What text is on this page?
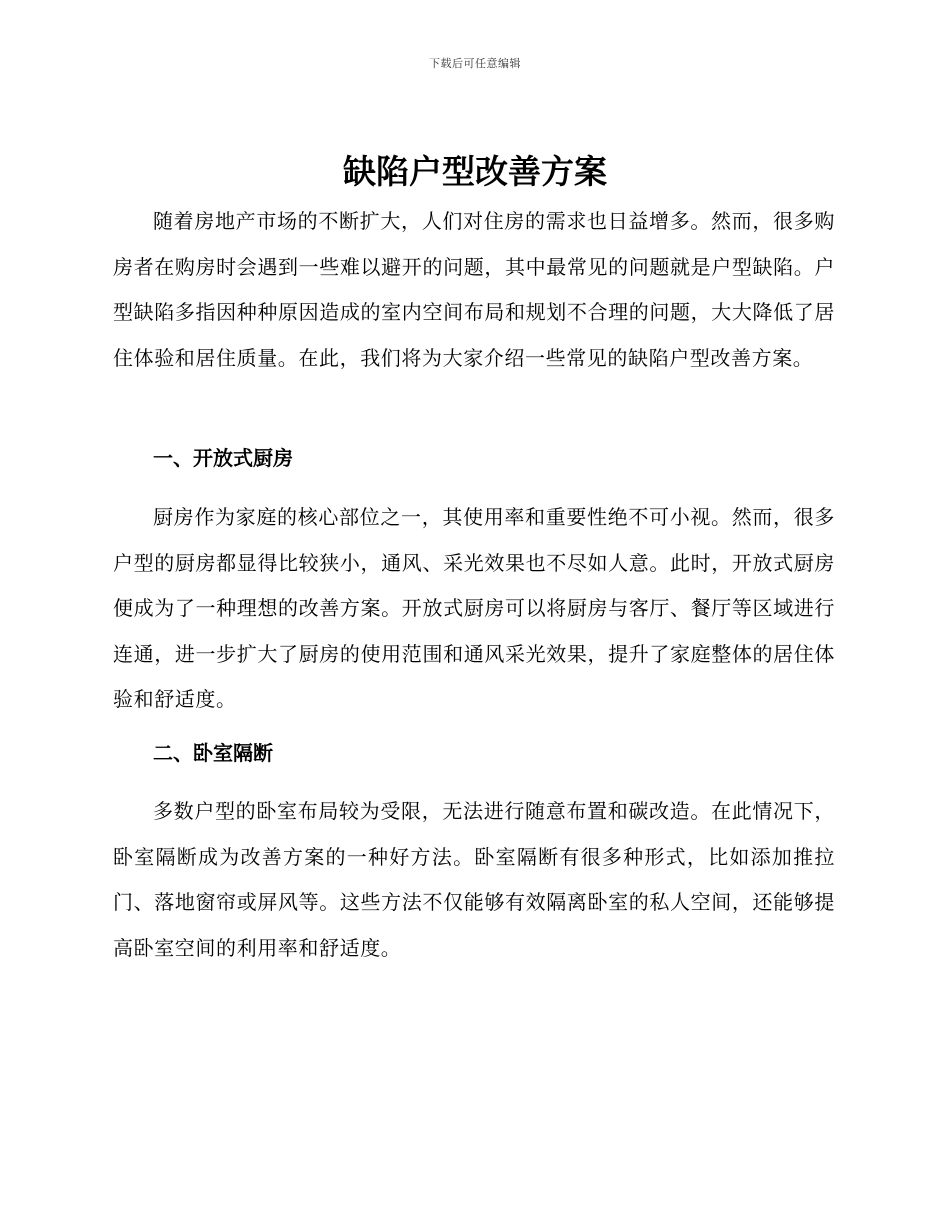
下载后可任意编辑
缺陷户型改善方案

随着房地产市场的不断扩大，人们对住房的需求也日益增多。然而，很多购房者在购房时会遇到一些难以避开的问题，其中最常见的问题就是户型缺陷。户型缺陷多指因种种原因造成的室内空间布局和规划不合理的问题，大大降低了居住体验和居住质量。在此，我们将为大家介绍一些常见的缺陷户型改善方案。

一、开放式厨房

厨房作为家庭的核心部位之一，其使用率和重要性绝不可小视。然而，很多户型的厨房都显得比较狭小，通风、采光效果也不尽如人意。此时，开放式厨房便成为了一种理想的改善方案。开放式厨房可以将厨房与客厅、餐厅等区域进行连通，进一步扩大了厨房的使用范围和通风采光效果，提升了家庭整体的居住体验和舒适度。

二、卧室隔断

多数户型的卧室布局较为受限，无法进行随意布置和碳改造。在此情况下，卧室隔断成为改善方案的一种好方法。卧室隔断有很多种形式，比如添加推拉门、落地窗帘或屏风等。这些方法不仅能够有效隔离卧室的私人空间，还能够提高卧室空间的利用率和舒适度。
